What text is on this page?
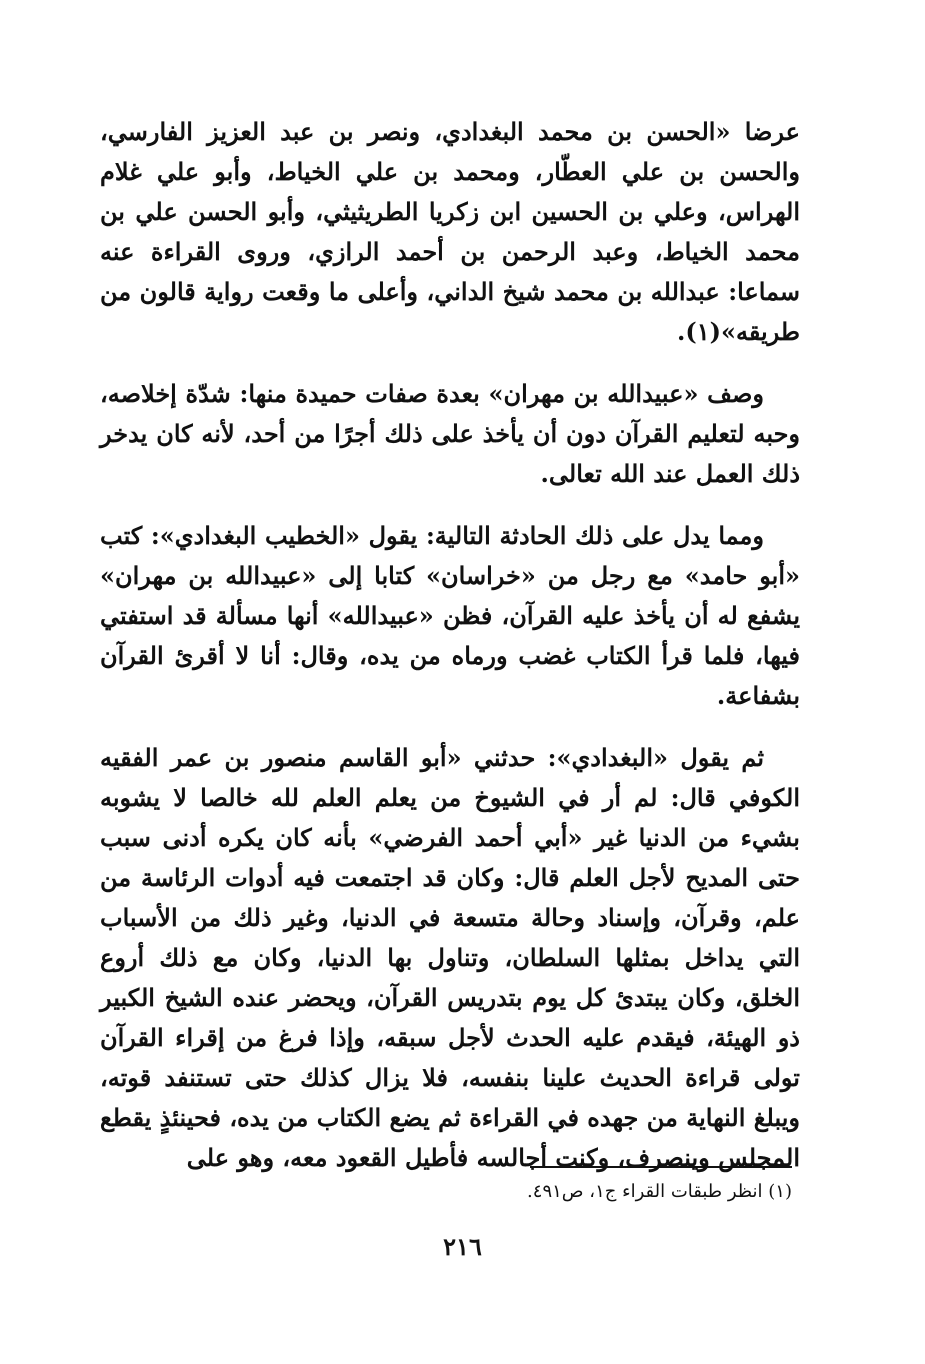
عرضا «الحسن بن محمد البغدادي، ونصر بن عبد العزيز الفارسي، والحسن بن علي العطّار، ومحمد بن علي الخياط، وأبو علي غلام الهراس، وعلي بن الحسين ابن زكريا الطريثيثي، وأبو الحسن علي بن محمد الخياط، وعبد الرحمن بن أحمد الرازي، وروى القراءة عنه سماعا: عبدالله بن محمد شيخ الداني، وأعلى ما وقعت رواية قالون من طريقه»(١).

وصف «عبيدالله بن مهران» بعدة صفات حميدة منها: شدّة إخلاصه، وحبه لتعليم القرآن دون أن يأخذ على ذلك أجرًا من أحد، لأنه كان يدخر ذلك العمل عند الله تعالى.

ومما يدل على ذلك الحادثة التالية: يقول «الخطيب البغدادي»: كتب «أبو حامد» مع رجل من «خراسان» كتابا إلى «عبيدالله بن مهران» يشفع له أن يأخذ عليه القرآن، فظن «عبيدالله» أنها مسألة قد استفتي فيها، فلما قرأ الكتاب غضب ورماه من يده، وقال: أنا لا أقرئ القرآن بشفاعة.

ثم يقول «البغدادي»: حدثني «أبو القاسم منصور بن عمر الفقيه الكوفي قال: لم أر في الشيوخ من يعلم العلم لله خالصا لا يشوبه بشيء من الدنيا غير «أبي أحمد الفرضي» بأنه كان يكره أدنى سبب حتى المديح لأجل العلم قال: وكان قد اجتمعت فيه أدوات الرئاسة من علم، وقرآن، وإسناد وحالة متسعة في الدنيا، وغير ذلك من الأسباب التي يداخل بمثلها السلطان، وتناول بها الدنيا، وكان مع ذلك أروع الخلق، وكان يبتدئ كل يوم بتدريس القرآن، ويحضر عنده الشيخ الكبير ذو الهيئة، فيقدم عليه الحدث لأجل سبقه، وإذا فرغ من إقراء القرآن تولى قراءة الحديث علينا بنفسه، فلا يزال كذلك حتى تستنفد قوته، ويبلغ النهاية من جهده في القراءة ثم يضع الكتاب من يده، فحينئذٍ يقطع المجلس وينصرف، وكنت أجالسه فأطيل القعود معه، وهو على

(١) انظر طبقات القراء ج١، ص٤٩١.
٢١٦
